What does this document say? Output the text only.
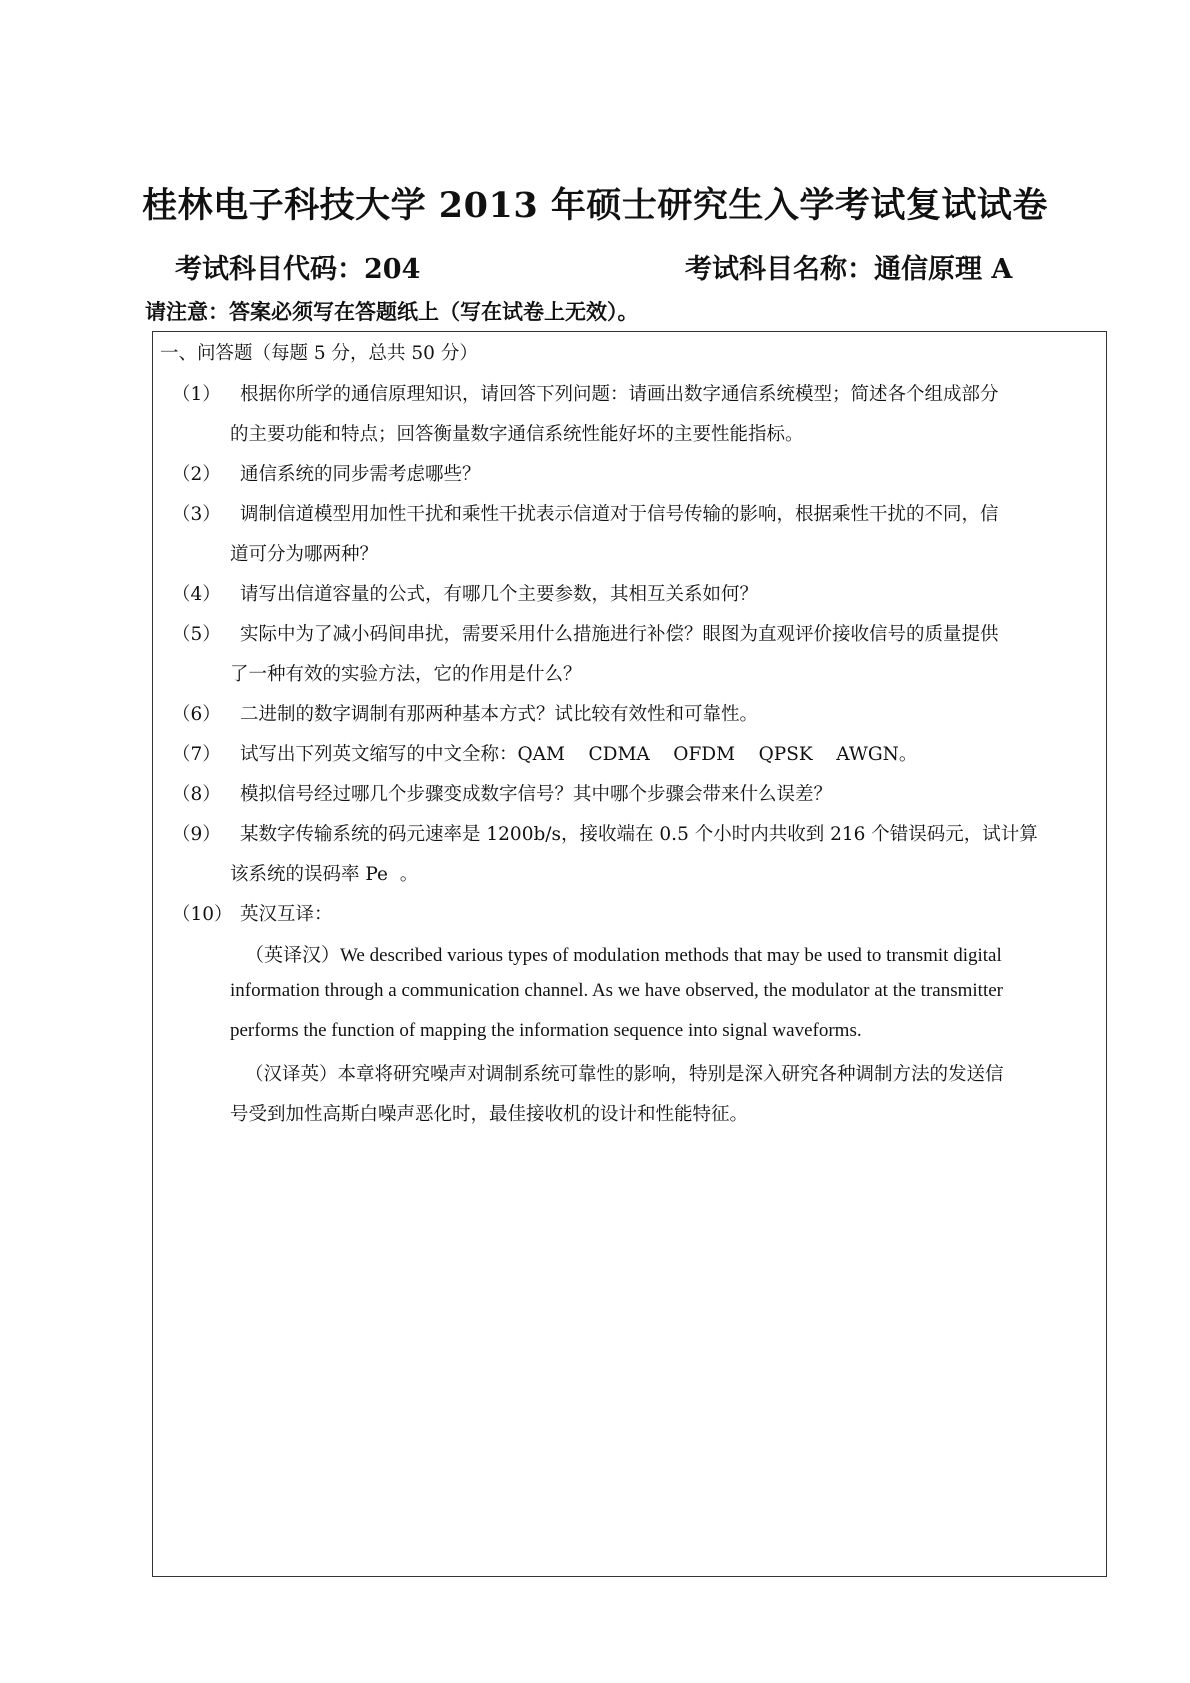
桂林电子科技大学 2013 年硕士研究生入学考试复试试卷
考试科目代码：204	考试科目名称：通信原理 A
请注意：答案必须写在答题纸上（写在试卷上无效）。
一、问答题（每题 5 分，总共 50 分）
（1） 根据你所学的通信原理知识，请回答下列问题：请画出数字通信系统模型；简述各个组成部分
的主要功能和特点；回答衡量数字通信系统性能好坏的主要性能指标。
（2） 通信系统的同步需考虑哪些？
（3） 调制信道模型用加性干扰和乘性干扰表示信道对于信号传输的影响，根据乘性干扰的不同，信
道可分为哪两种？
（4） 请写出信道容量的公式，有哪几个主要参数，其相互关系如何？
（5） 实际中为了减小码间串扰，需要采用什么措施进行补偿？眼图为直观评价接收信号的质量提供
了一种有效的实验方法，它的作用是什么？
（6） 二进制的数字调制有那两种基本方式？试比较有效性和可靠性。
（7） 试写出下列英文缩写的中文全称：QAM    CDMA    OFDM    QPSK    AWGN。
（8） 模拟信号经过哪几个步骤变成数字信号？其中哪个步骤会带来什么误差？
（9） 某数字传输系统的码元速率是 1200b/s，接收端在 0.5 个小时内共收到 216 个错误码元，试计算
该系统的误码率 Pe  。
（10） 英汉互译：
（英译汉）We described various types of modulation methods that may be used to transmit digital
information through a communication channel. As we have observed, the modulator at the transmitter
performs the function of mapping the information sequence into signal waveforms.
（汉译英）本章将研究噪声对调制系统可靠性的影响，特别是深入研究各种调制方法的发送信
号受到加性高斯白噪声恶化时，最佳接收机的设计和性能特征。
